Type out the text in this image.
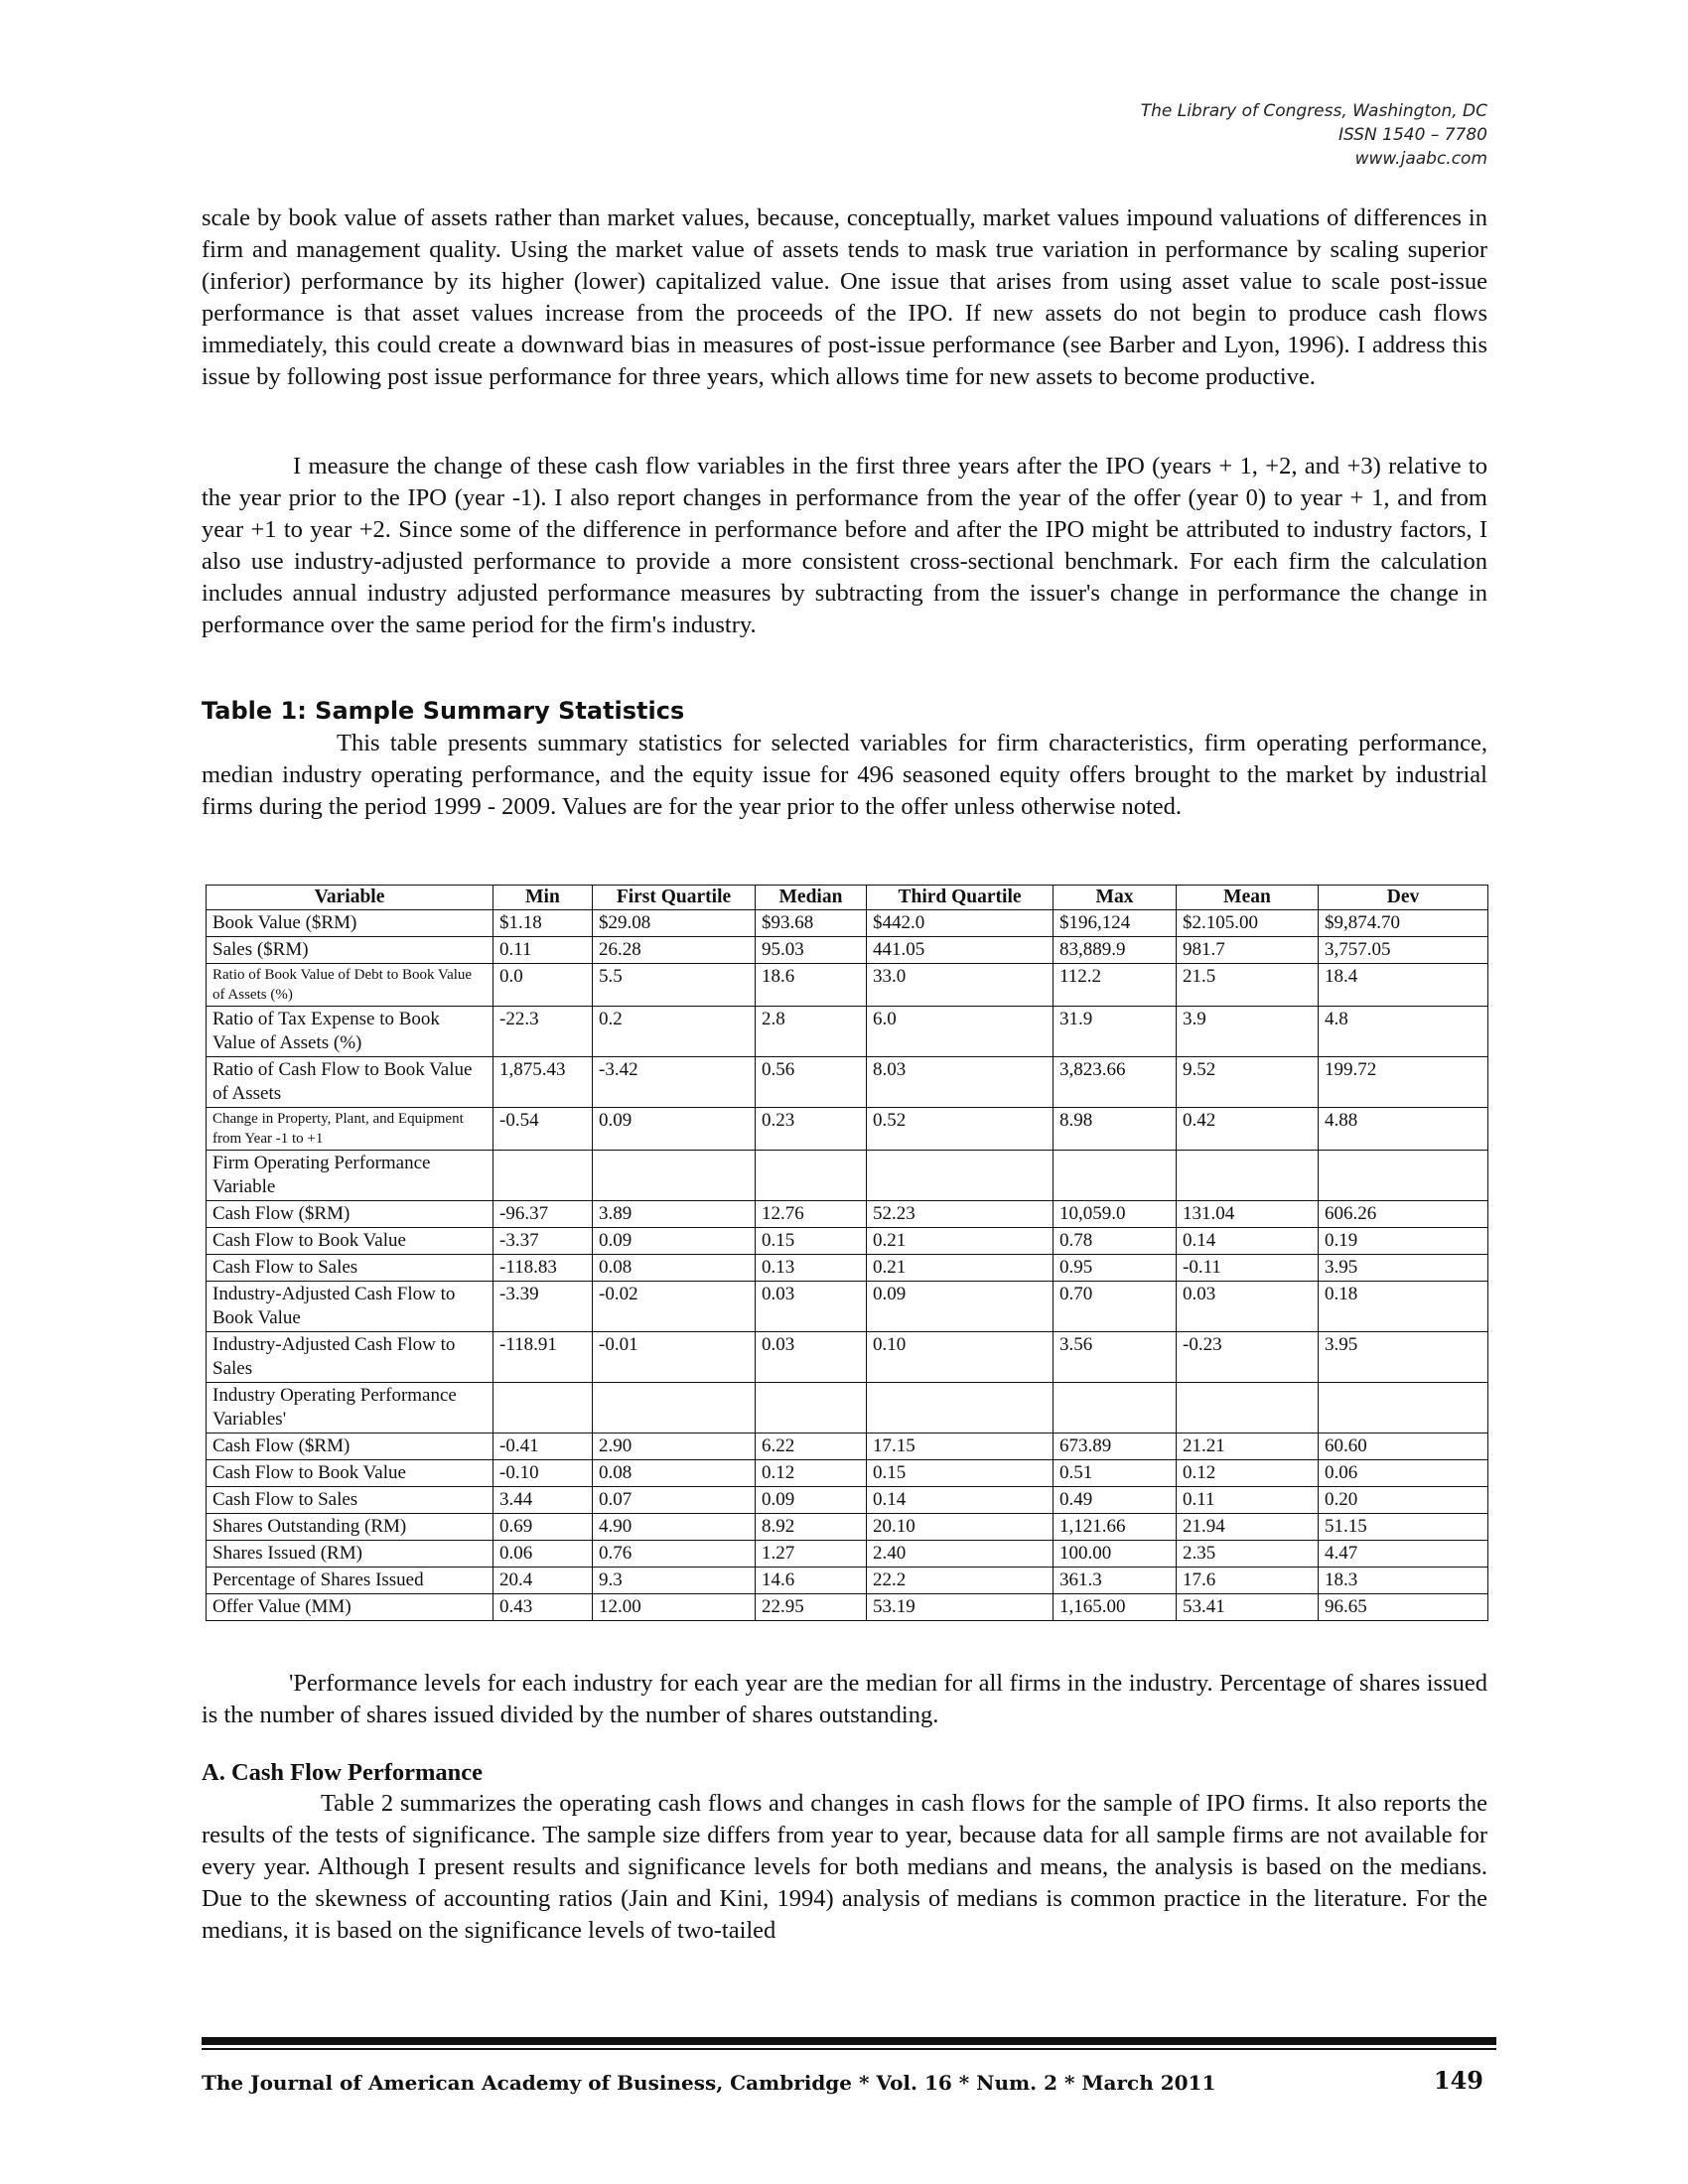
The Library of Congress, Washington, DC
ISSN 1540 – 7780
www.jaabc.com

scale by book value of assets rather than market values, because, conceptually, market values impound valuations of differences in firm and management quality. Using the market value of assets tends to mask true variation in performance by scaling superior (inferior) performance by its higher (lower) capitalized value. One issue that arises from using asset value to scale post-issue performance is that asset values increase from the proceeds of the IPO. If new assets do not begin to produce cash flows immediately, this could create a downward bias in measures of post-issue performance (see Barber and Lyon, 1996). I address this issue by following post issue performance for three years, which allows time for new assets to become productive.

I measure the change of these cash flow variables in the first three years after the IPO (years + 1, +2, and +3) relative to the year prior to the IPO (year -1). I also report changes in performance from the year of the offer (year 0) to year + 1, and from year +1 to year +2. Since some of the difference in performance before and after the IPO might be attributed to industry factors, I also use industry-adjusted performance to provide a more consistent cross-sectional benchmark. For each firm the calculation includes annual industry adjusted performance measures by subtracting from the issuer's change in performance the change in performance over the same period for the firm's industry.

Table 1: Sample Summary Statistics

This table presents summary statistics for selected variables for firm characteristics, firm operating performance, median industry operating performance, and the equity issue for 496 seasoned equity offers brought to the market by industrial firms during the period 1999 - 2009. Values are for the year prior to the offer unless otherwise noted.

Variable	Min	First Quartile	Median	Third Quartile	Max	Mean	Dev
Book Value ($RM)	$1.18	$29.08	$93.68	$442.0	$196,124	$2.105.00	$9,874.70
Sales ($RM)	0.11	26.28	95.03	441.05	83,889.9	981.7	3,757.05
Ratio of Book Value of Debt to Book Value of Assets (%)	0.0	5.5	18.6	33.0	112.2	21.5	18.4
Ratio of Tax Expense to Book Value of Assets (%)	-22.3	0.2	2.8	6.0	31.9	3.9	4.8
Ratio of Cash Flow to Book Value of Assets	1,875.43	-3.42	0.56	8.03	3,823.66	9.52	199.72
Change in Property, Plant, and Equipment from Year -1 to +1	-0.54	0.09	0.23	0.52	8.98	0.42	4.88
Firm Operating Performance Variable							
Cash Flow ($RM)	-96.37	3.89	12.76	52.23	10,059.0	131.04	606.26
Cash Flow to Book Value	-3.37	0.09	0.15	0.21	0.78	0.14	0.19
Cash Flow to Sales	-118.83	0.08	0.13	0.21	0.95	-0.11	3.95
Industry-Adjusted Cash Flow to Book Value	-3.39	-0.02	0.03	0.09	0.70	0.03	0.18
Industry-Adjusted Cash Flow to Sales	-118.91	-0.01	0.03	0.10	3.56	-0.23	3.95
Industry Operating Performance Variables'							
Cash Flow ($RM)	-0.41	2.90	6.22	17.15	673.89	21.21	60.60
Cash Flow to Book Value	-0.10	0.08	0.12	0.15	0.51	0.12	0.06
Cash Flow to Sales	3.44	0.07	0.09	0.14	0.49	0.11	0.20
Shares Outstanding (RM)	0.69	4.90	8.92	20.10	1,121.66	21.94	51.15
Shares Issued (RM)	0.06	0.76	1.27	2.40	100.00	2.35	4.47
Percentage of Shares Issued	20.4	9.3	14.6	22.2	361.3	17.6	18.3
Offer Value (MM)	0.43	12.00	22.95	53.19	1,165.00	53.41	96.65

'Performance levels for each industry for each year are the median for all firms in the industry. Percentage of shares issued is the number of shares issued divided by the number of shares outstanding.

A. Cash Flow Performance

Table 2 summarizes the operating cash flows and changes in cash flows for the sample of IPO firms. It also reports the results of the tests of significance. The sample size differs from year to year, because data for all sample firms are not available for every year. Although I present results and significance levels for both medians and means, the analysis is based on the medians. Due to the skewness of accounting ratios (Jain and Kini, 1994) analysis of medians is common practice in the literature. For the medians, it is based on the significance levels of two-tailed

The Journal of American Academy of Business, Cambridge * Vol. 16 * Num. 2 * March 2011	149
